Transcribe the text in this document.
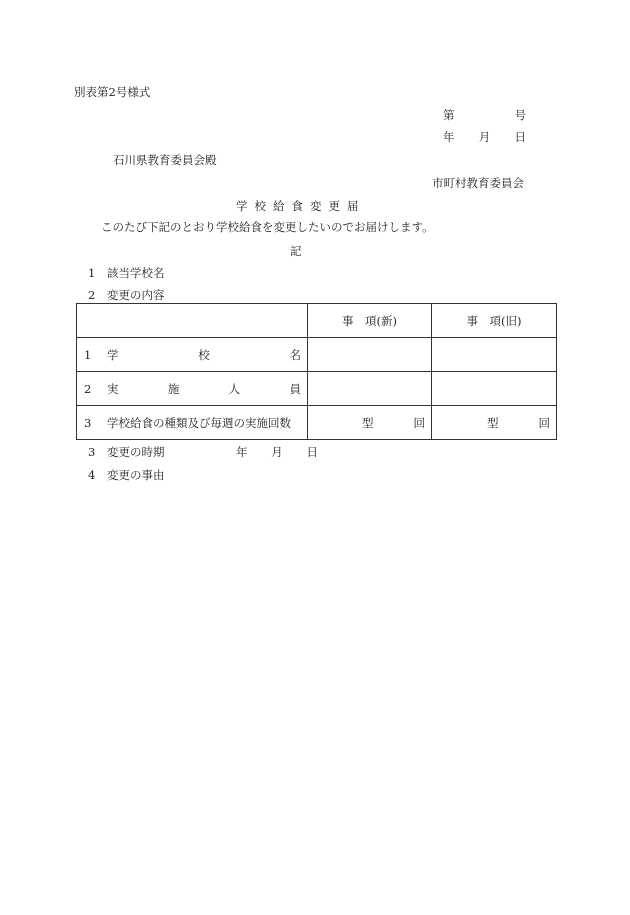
別表第2号様式
第	号
年 月 日
石川県教育委員会殿
市町村教育委員会
学校給食変更届
このたび下記のとおり学校給食を変更したいのでお届けします。
記
1 該当学校名
2 変更の内容
	事　項(新)	事　項(旧)

1 学 校 名		

2 実 施 人 員		

3 学校給食の種類及び毎週の実施回数	型 回	型 回
3 変更の時期	年 月 日
4 変更の事由
